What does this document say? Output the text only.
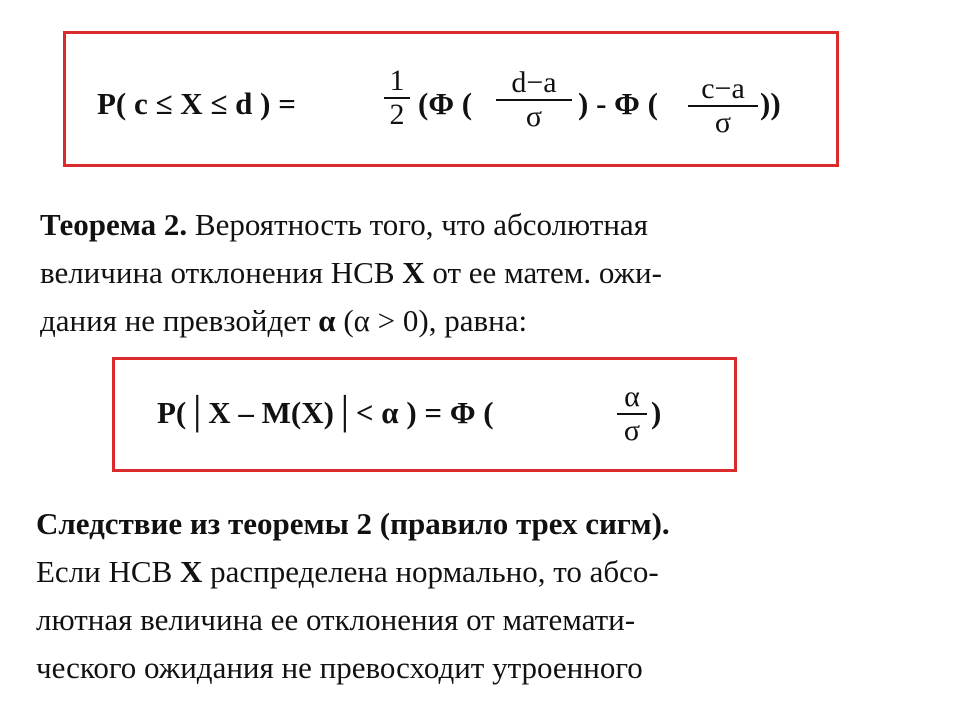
P( c ≤ X ≤ d ) =
1
2 (Φ (
d−a
σ	) - Φ (	c−a
σ
))

Теорема 2. Вероятность того, что абсолютная
величина отклонения НСВ X от ее матем. ожи-
дания не превзойдет α (α > 0), равна:

P(│X – M(X)│< α ) = Φ (	α
σ
)

Следствие из теоремы 2 (правило трех сигм).
Если НСВ X распределена нормально, то абсо-
лютная величина ее отклонения от математи-
ческого ожидания не превосходит утроенного
